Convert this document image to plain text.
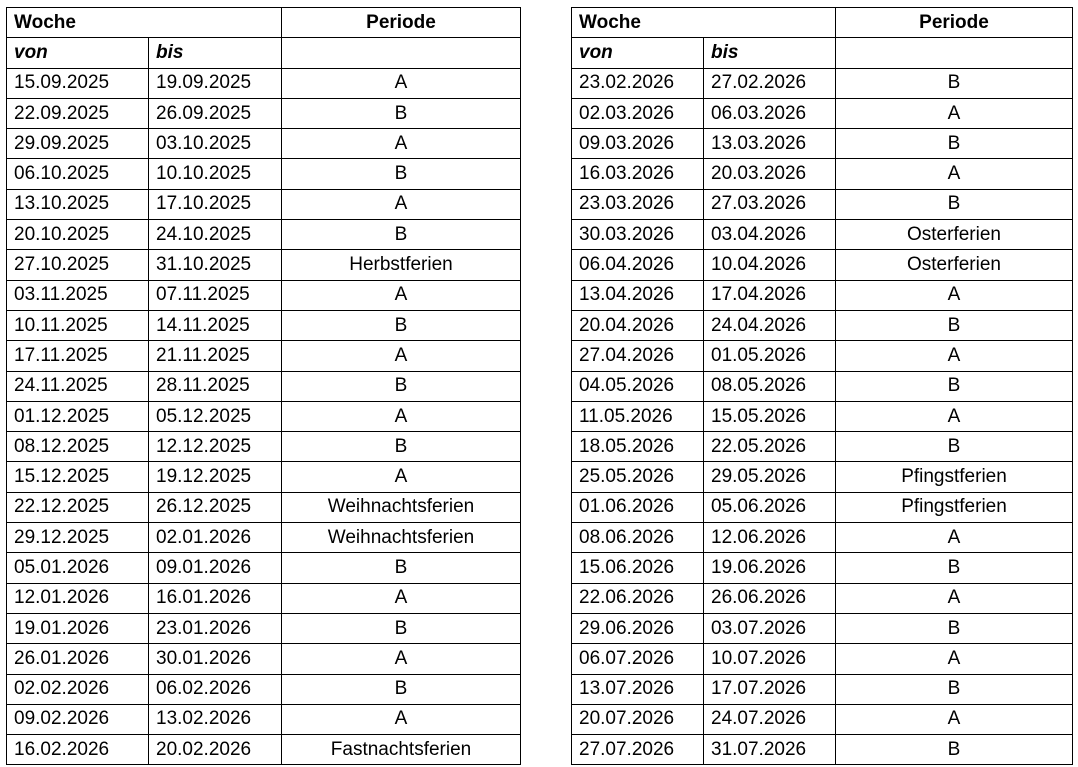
Woche		Periode
von	bis	
15.09.2025	19.09.2025	A
22.09.2025	26.09.2025	B
29.09.2025	03.10.2025	A
06.10.2025	10.10.2025	B
13.10.2025	17.10.2025	A
20.10.2025	24.10.2025	B
27.10.2025	31.10.2025	Herbstferien
03.11.2025	07.11.2025	A
10.11.2025	14.11.2025	B
17.11.2025	21.11.2025	A
24.11.2025	28.11.2025	B
01.12.2025	05.12.2025	A
08.12.2025	12.12.2025	B
15.12.2025	19.12.2025	A
22.12.2025	26.12.2025	Weihnachtsferien
29.12.2025	02.01.2026	Weihnachtsferien
05.01.2026	09.01.2026	B
12.01.2026	16.01.2026	A
19.01.2026	23.01.2026	B
26.01.2026	30.01.2026	A
02.02.2026	06.02.2026	B
09.02.2026	13.02.2026	A
16.02.2026	20.02.2026	Fastnachtsferien
Woche		Periode
von	bis	
23.02.2026	27.02.2026	B
02.03.2026	06.03.2026	A
09.03.2026	13.03.2026	B
16.03.2026	20.03.2026	A
23.03.2026	27.03.2026	B
30.03.2026	03.04.2026	Osterferien
06.04.2026	10.04.2026	Osterferien
13.04.2026	17.04.2026	A
20.04.2026	24.04.2026	B
27.04.2026	01.05.2026	A
04.05.2026	08.05.2026	B
11.05.2026	15.05.2026	A
18.05.2026	22.05.2026	B
25.05.2026	29.05.2026	Pfingstferien
01.06.2026	05.06.2026	Pfingstferien
08.06.2026	12.06.2026	A
15.06.2026	19.06.2026	B
22.06.2026	26.06.2026	A
29.06.2026	03.07.2026	B
06.07.2026	10.07.2026	A
13.07.2026	17.07.2026	B
20.07.2026	24.07.2026	A
27.07.2026	31.07.2026	B
